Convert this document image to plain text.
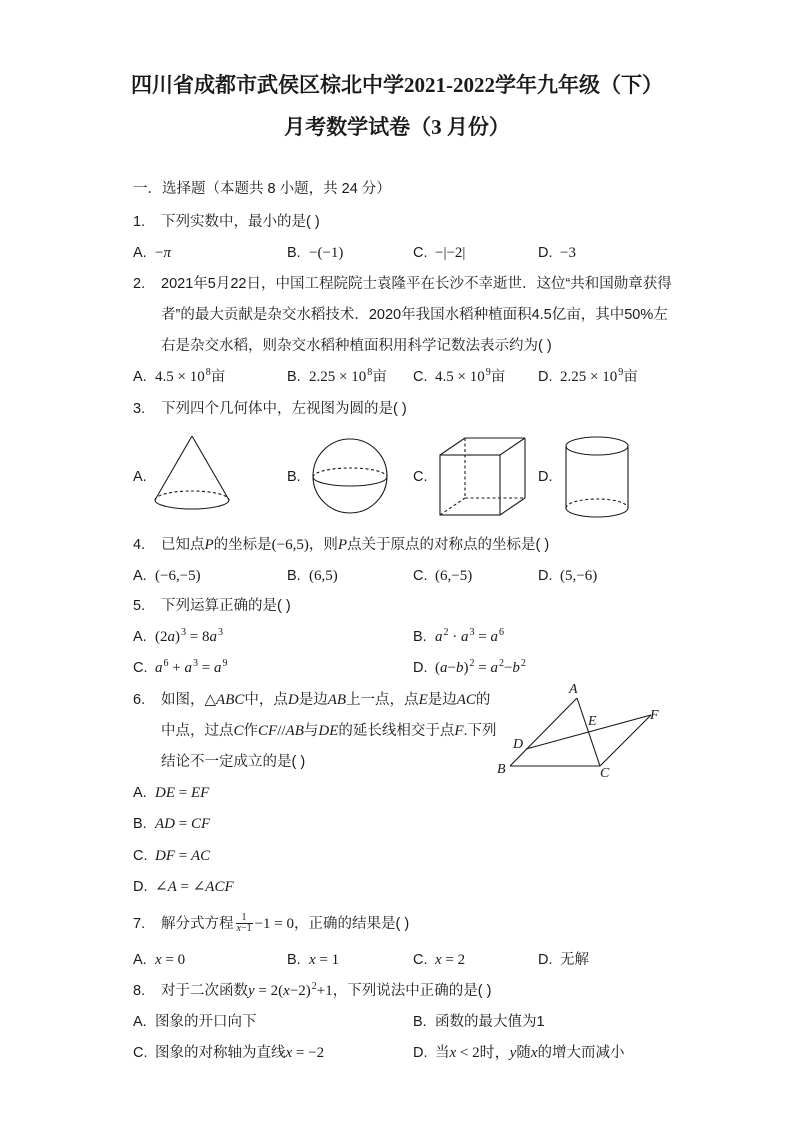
四川省成都市武侯区棕北中学2021-2022学年九年级（下）
月考数学试卷（3 月份）
一．选择题（本题共 8 小题，共 24 分）
1. 下列实数中，最小的是( )
A. −π	B. −(−1)	C. −|−2|	D. −3
2. 2021年5月22日，中国工程院院士袁隆平在长沙不幸逝世．这位“共和国勋章获得
者”的最大贡献是杂交水稻技术．2020年我国水稻种植面积4.5亿亩，其中50%左
右是杂交水稻，则杂交水稻种植面积用科学记数法表示约为( )
A. $4.5 \times 10^8$亩	B. $2.25 \times 10^8$亩 C. $4.5 \times 10^9$亩 D. $2.25 \times 10^9$亩
3. 下列四个几何体中，左视图为圆的是( )
A.	B.	C.	D.
4. 已知点P的坐标是(−6,5)，则P点关于原点的对称点的坐标是( )
A. (−6,−5)	B. (6,5)	C. (6,−5)	D. (5,−6)
5. 下列运算正确的是( )
A. $(2a)^3 = 8a^3$	B. $a^2 \cdot a^3 = a^6$
C. $a^6 + a^3 = a^9$	D. $(a-b)^2 = a^2-b^2$
6. 如图，△ABC中，点D是边AB上一点，点E是边AC的
中点，过点C作CF//AB与DE的延长线相交于点F.下列
结论不一定成立的是( )
A. DE = EF
B. AD = CF
C. DF = AC
D. ∠A = ∠ACF
7. 解分式方程 $\frac{1}{x-1} -1 = 0$，正确的结果是( )
A. x = 0	B. x = 1	C. x = 2	D. 无解
8. 对于二次函数$y = 2(x-2)^2+1$，下列说法中正确的是( )
A. 图象的开口向下	B. 函数的最大值为1
C. 图象的对称轴为直线x = −2	D. 当x < 2时，y随x的增大而减小
A
B	C
D
E	F
